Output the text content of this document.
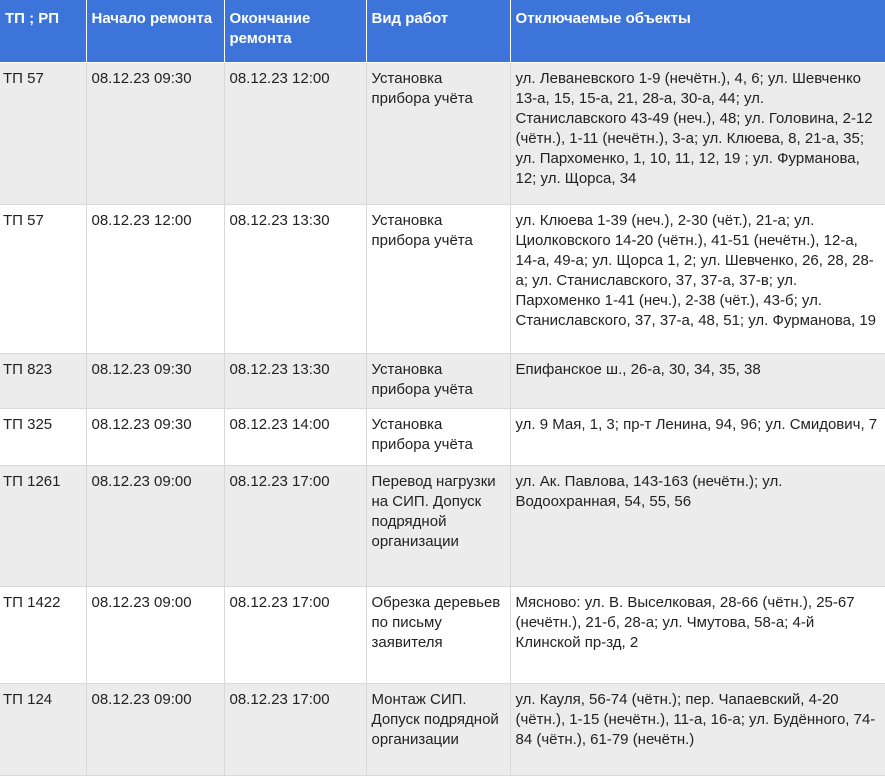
ТП ; РП	Начало ремонта	Окончание ремонта	Вид работ	Отключаемые объекты
ТП 57	08.12.23 09:30	08.12.23 12:00	Установка прибора учёта	ул. Леваневского 1-9 (нечётн.), 4, 6; ул. Шевченко 13-а, 15, 15-а, 21, 28-а, 30-а, 44; ул. Станиславского 43-49 (неч.), 48; ул. Головина, 2-12 (чётн.), 1-11 (нечётн.), 3-а; ул. Клюева, 8, 21-а, 35; ул. Пархоменко, 1, 10, 11, 12, 19 ; ул. Фурманова, 12; ул. Щорса, 34
ТП 57	08.12.23 12:00	08.12.23 13:30	Установка прибора учёта	ул. Клюева 1-39 (неч.), 2-30 (чёт.), 21-а; ул. Циолковского 14-20 (чётн.), 41-51 (нечётн.), 12-а, 14-а, 49-а; ул. Щорса 1, 2; ул. Шевченко, 26, 28, 28-а; ул. Станиславского, 37, 37-а, 37-в; ул. Пархоменко 1-41 (неч.), 2-38 (чёт.), 43-б; ул. Станиславского, 37, 37-а, 48, 51; ул. Фурманова, 19
ТП 823	08.12.23 09:30	08.12.23 13:30	Установка прибора учёта	Епифанское ш., 26-а, 30, 34, 35, 38
ТП 325	08.12.23 09:30	08.12.23 14:00	Установка прибора учёта	ул. 9 Мая, 1, 3; пр-т Ленина, 94, 96; ул. Смидович, 7
ТП 1261	08.12.23 09:00	08.12.23 17:00	Перевод нагрузки на СИП. Допуск подрядной организации	ул. Ак. Павлова, 143-163 (нечётн.); ул. Водоохранная, 54, 55, 56
ТП 1422	08.12.23 09:00	08.12.23 17:00	Обрезка деревьев по письму заявителя	Мясново: ул. В. Выселковая, 28-66 (чётн.), 25-67 (нечётн.), 21-б, 28-а; ул. Чмутова, 58-а; 4-й Клинской пр-зд, 2
ТП 124	08.12.23 09:00	08.12.23 17:00	Монтаж СИП. Допуск подрядной организации	ул. Кауля, 56-74 (чётн.); пер. Чапаевский, 4-20 (чётн.), 1-15 (нечётн.), 11-а, 16-а; ул. Будённого, 74-84 (чётн.), 61-79 (нечётн.)
